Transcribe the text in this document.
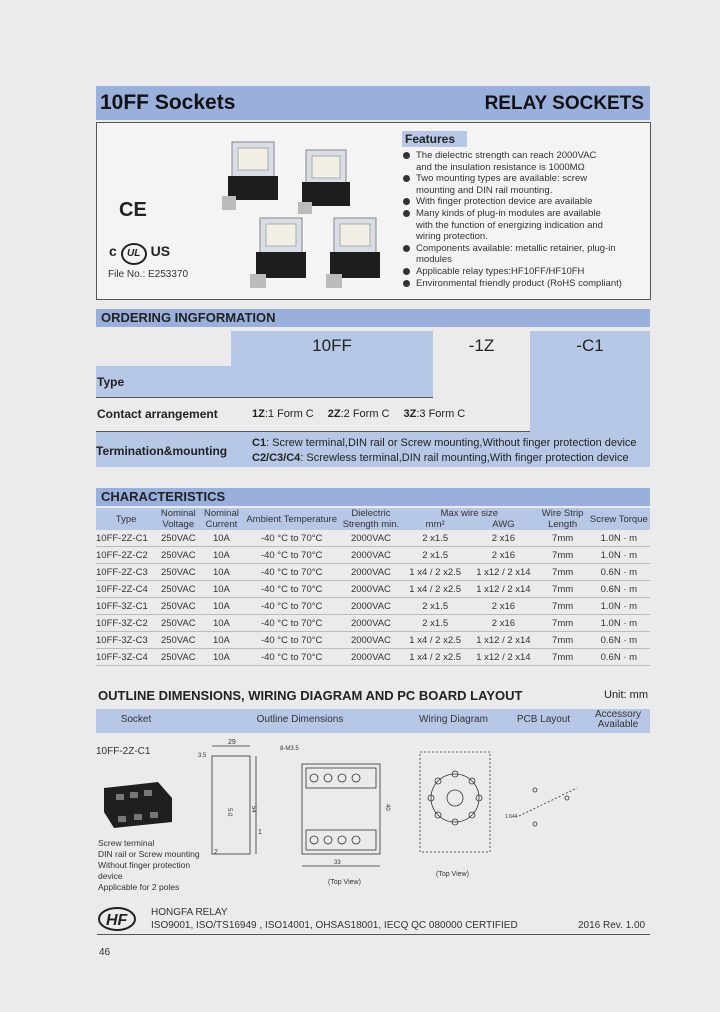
10FF Sockets	RELAY SOCKETS
CE
c UL US
File No.: E253370
Features
The dielectric strength can reach 2000VAC
and the insulation resistance is 1000MΩ
Two mounting types are available: screw
mounting and DIN rail mounting.
With finger protection device are available
Many kinds of plug-in modules are available
with the function of energizing indication and
wiring protection.
Components available: metallic retainer, plug-in
modules
Applicable relay types:HF10FF/HF10FH
Environmental friendly product (RoHS compliant)
ORDERING INGFORMATION
10FF	-1Z	-C1
Type
Contact arrangement	1Z:1 Form C 2Z:2 Form C 3Z:3 Form C
Termination&mounting
C1: Screw terminal,DIN rail or Screw mounting,Without finger protection device
C2/C3/C4: Screwless terminal,DIN rail mounting,With finger protection device
CHARACTERISTICS
Type	Nominal Voltage	Nominal Current	Ambient Temperature	Dielectric Strength min.	Max wire size		Wire Strip Length	Screw Torque
					mm²	AWG		
10FF-2Z-C1	250VAC	10A	-40 °C to 70°C	2000VAC	2 x1.5	2 x16	7mm	1.0N · m
10FF-2Z-C2	250VAC	10A	-40 °C to 70°C	2000VAC	2 x1.5	2 x16	7mm	1.0N · m
10FF-2Z-C3	250VAC	10A	-40 °C to 70°C	2000VAC	1 x4 / 2 x2.5	1 x12 / 2 x14	7mm	0.6N · m
10FF-2Z-C4	250VAC	10A	-40 °C to 70°C	2000VAC	1 x4 / 2 x2.5	1 x12 / 2 x14	7mm	0.6N · m
10FF-3Z-C1	250VAC	10A	-40 °C to 70°C	2000VAC	2 x1.5	2 x16	7mm	1.0N · m
10FF-3Z-C2	250VAC	10A	-40 °C to 70°C	2000VAC	2 x1.5	2 x16	7mm	1.0N · m
10FF-3Z-C3	250VAC	10A	-40 °C to 70°C	2000VAC	1 x4 / 2 x2.5	1 x12 / 2 x14	7mm	0.6N · m
10FF-3Z-C4	250VAC	10A	-40 °C to 70°C	2000VAC	1 x4 / 2 x2.5	1 x12 / 2 x14	7mm	0.6N · m
OUTLINE DIMENSIONS, WIRING DIAGRAM AND PC BOARD LAYOUT	Unit: mm
Socket	Outline Dimensions	Wiring Diagram	PCB Layout	Accessory Available
10FF-2Z-C1
Screw terminal
DIN rail or Screw mounting
Without finger protection
device
Applicable for 2 poles
29
3.5
54
5.0
2
1
8-M3.5
33
40
(Top View)
(Top View)
1.644
HF HONGFA RELAY
ISO9001, ISO/TS16949 , ISO14001, OHSAS18001, IECQ QC 080000 CERTIFIED	2016 Rev. 1.00
46
